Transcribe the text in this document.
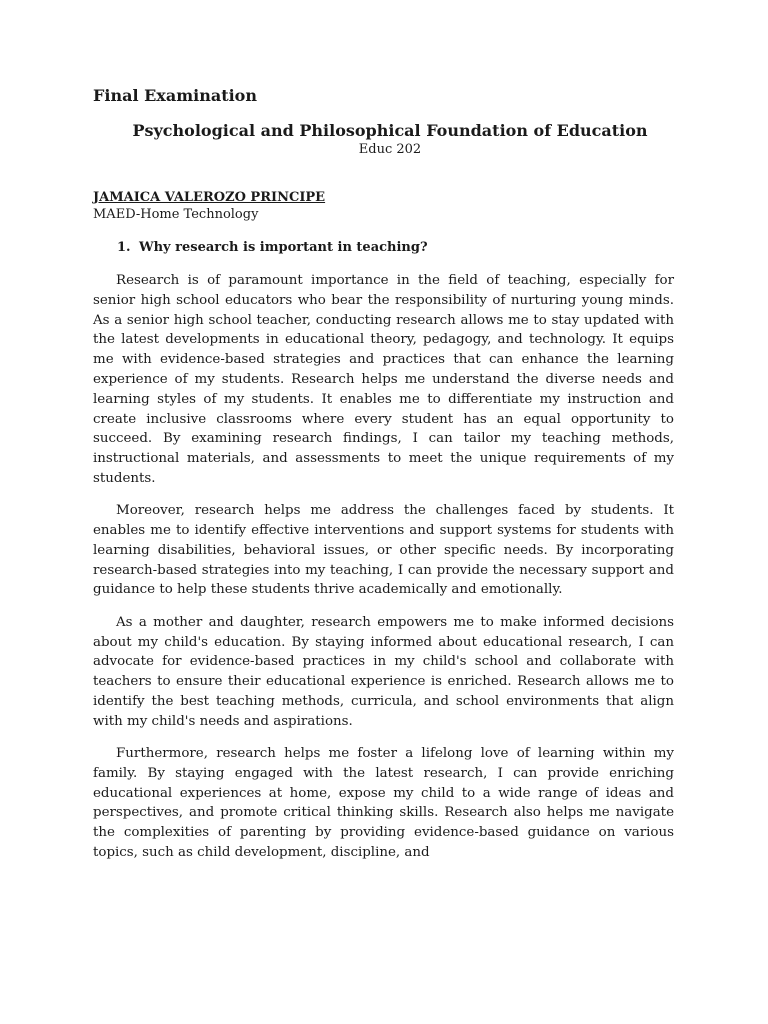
Final Examination
Psychological and Philosophical Foundation of Education
Educ 202
JAMAICA VALEROZO PRINCIPE
MAED-Home Technology
1. Why research is important in teaching?

Research is of paramount importance in the field of teaching, especially for senior high school educators who bear the responsibility of nurturing young minds. As a senior high school teacher, conducting research allows me to stay updated with the latest developments in educational theory, pedagogy, and technology. It equips me with evidence-based strategies and practices that can enhance the learning experience of my students. Research helps me understand the diverse needs and learning styles of my students. It enables me to differentiate my instruction and create inclusive classrooms where every student has an equal opportunity to succeed. By examining research findings, I can tailor my teaching methods, instructional materials, and assessments to meet the unique requirements of my students.

Moreover, research helps me address the challenges faced by students. It enables me to identify effective interventions and support systems for students with learning disabilities, behavioral issues, or other specific needs. By incorporating research-based strategies into my teaching, I can provide the necessary support and guidance to help these students thrive academically and emotionally.

As a mother and daughter, research empowers me to make informed decisions about my child's education. By staying informed about educational research, I can advocate for evidence-based practices in my child's school and collaborate with teachers to ensure their educational experience is enriched. Research allows me to identify the best teaching methods, curricula, and school environments that align with my child's needs and aspirations.

Furthermore, research helps me foster a lifelong love of learning within my family. By staying engaged with the latest research, I can provide enriching educational experiences at home, expose my child to a wide range of ideas and perspectives, and promote critical thinking skills. Research also helps me navigate the complexities of parenting by providing evidence-based guidance on various topics, such as child development, discipline, and
